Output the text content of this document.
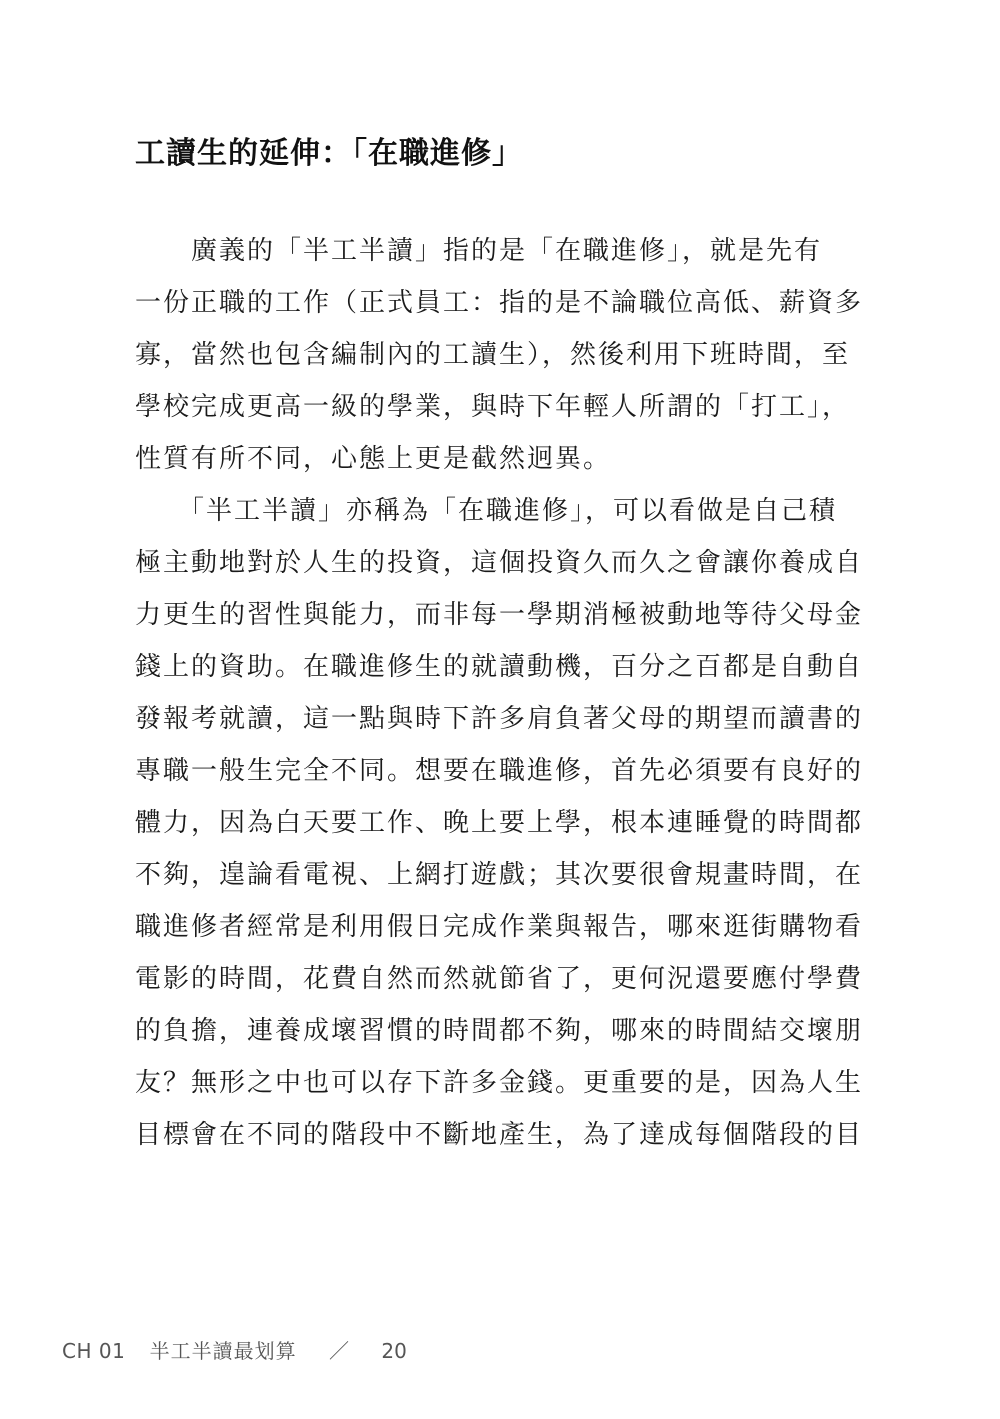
工讀生的延伸：「在職進修」
　　廣義的「半工半讀」指的是「在職進修」，就是先有
一份正職的工作（正式員工：指的是不論職位高低、薪資多
寡，當然也包含編制內的工讀生），然後利用下班時間，至
學校完成更高一級的學業，與時下年輕人所謂的「打工」，
性質有所不同，心態上更是截然迥異。
　　「半工半讀」亦稱為「在職進修」，可以看做是自己積
極主動地對於人生的投資，這個投資久而久之會讓你養成自
力更生的習性與能力，而非每一學期消極被動地等待父母金
錢上的資助。在職進修生的就讀動機，百分之百都是自動自
發報考就讀，這一點與時下許多肩負著父母的期望而讀書的
專職一般生完全不同。想要在職進修，首先必須要有良好的
體力，因為白天要工作、晚上要上學，根本連睡覺的時間都
不夠，遑論看電視、上網打遊戲；其次要很會規畫時間，在
職進修者經常是利用假日完成作業與報告，哪來逛街購物看
電影的時間，花費自然而然就節省了，更何況還要應付學費
的負擔，連養成壞習慣的時間都不夠，哪來的時間結交壞朋
友？無形之中也可以存下許多金錢。更重要的是，因為人生
目標會在不同的階段中不斷地產生，為了達成每個階段的目
CH 01 半工半讀最划算 ／ 20
